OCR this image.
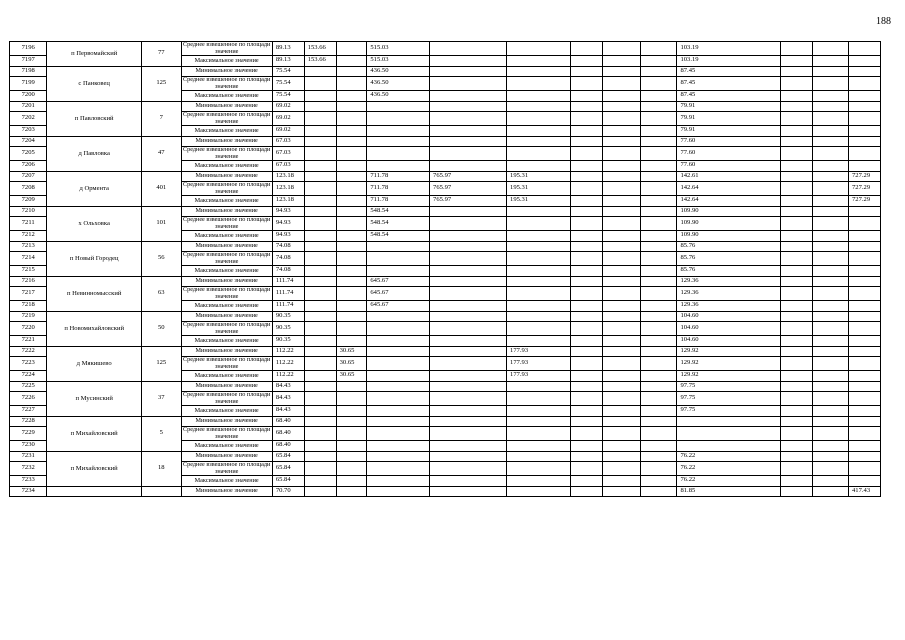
188
7196	п Первомайский	77	Среднее взвешенное по площади значение	89.13	153.66		515.03						103.19			
7197			Максимальное значение	89.13	153.66		515.03						103.19			
7198	с Панковец	125	Минимальное значение	75.54			436.50						87.45			
7199			Среднее взвешенное по площади значение	75.54			436.50						87.45			
7200			Максимальное значение	75.54			436.50						87.45			
7201	п Павловский	7	Минимальное значение	69.02									79.91			
7202			Среднее взвешенное по площади значение	69.02									79.91			
7203			Максимальное значение	69.02									79.91			
7204	д Павловка	47	Минимальное значение	67.03									77.60			
7205			Среднее взвешенное по площади значение	67.03									77.60			
7206			Максимальное значение	67.03									77.60			
7207	д Ормента	401	Минимальное значение	123.18			711.78	765.97	195.31				142.61			727.29
7208			Среднее взвешенное по площади значение	123.18			711.78	765.97	195.31				142.64			727.29
7209			Максимальное значение	123.18			711.78	765.97	195.31				142.64			727.29
7210	х Ольховка	101	Минимальное значение	94.93			548.54						109.90			
7211			Среднее взвешенное по площади значение	94.93			548.54						109.90			
7212			Максимальное значение	94.93			548.54						109.90			
7213	п Новый Городец	56	Минимальное значение	74.08									85.76			
7214			Среднее взвешенное по площади значение	74.08									85.76			
7215			Максимальное значение	74.08									85.76			
7216	п Невинномысский	63	Минимальное значение	111.74			645.67						129.36			
7217			Среднее взвешенное по площади значение	111.74			645.67						129.36			
7218			Максимальное значение	111.74			645.67						129.36			
7219	п Новомихайловский	50	Минимальное значение	90.35									104.60			
7220			Среднее взвешенное по площади значение	90.35									104.60			
7221			Максимальное значение	90.35									104.60			
7222	д Мякишево	125	Минимальное значение	112.22		30.65			177.93				129.92			
7223			Среднее взвешенное по площади значение	112.22		30.65			177.93				129.92			
7224			Максимальное значение	112.22		30.65			177.93				129.92			
7225	п Мусинский	37	Минимальное значение	84.43									97.75			
7226			Среднее взвешенное по площади значение	84.43									97.75			
7227			Максимальное значение	84.43									97.75			
7228	п Михайловский	5	Минимальное значение	68.40												
7229			Среднее взвешенное по площади значение	68.40												
7230			Максимальное значение	68.40												
7231	п Михайловский	18	Минимальное значение	65.84									76.22			
7232			Среднее взвешенное по площади значение	65.84									76.22			
7233			Максимальное значение	65.84									76.22			
7234			Минимальное значение	70.70									81.85			417.43
